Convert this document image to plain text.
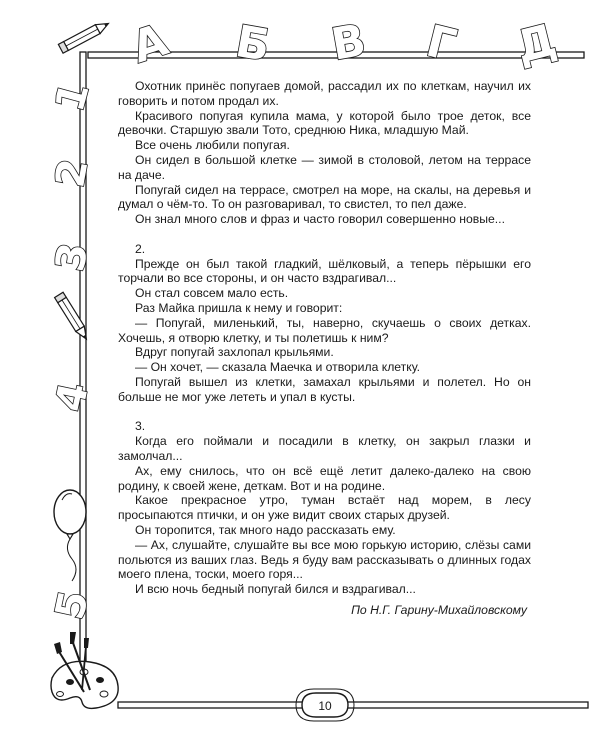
А Б В Г Д
1
2
3
4
5

Охотник принёс попугаев домой, рассадил их по клеткам, научил их говорить и потом продал их.

Красивого попугая купила мама, у которой было трое деток, все девочки. Старшую звали Тото, среднюю Ника, младшую Май.

Все очень любили попугая.

Он сидел в большой клетке — зимой в столовой, летом на террасе на даче.

Попугай сидел на террасе, смотрел на море, на скалы, на деревья и думал о чём-то. То он разговаривал, то свистел, то пел даже.

Он знал много слов и фраз и часто говорил совершенно новые...

2.

Прежде он был такой гладкий, шёлковый, а теперь пёрышки его торчали во все стороны, и он часто вздрагивал...

Он стал совсем мало есть.

Раз Майка пришла к нему и говорит:

— Попугай, миленький, ты, наверно, скучаешь о своих детках. Хочешь, я отворю клетку, и ты полетишь к ним?

Вдруг попугай захлопал крыльями.

— Он хочет, — сказала Маечка и отворила клетку.

Попугай вышел из клетки, замахал крыльями и полетел. Но он больше не мог уже лететь и упал в кусты.

3.

Когда его поймали и посадили в клетку, он закрыл глазки и замолчал...

Ах, ему снилось, что он всё ещё летит далеко-далеко на свою родину, к своей жене, деткам. Вот и на родине.

Какое прекрасное утро, туман встаёт над морем, в лесу просыпаются птички, и он уже видит своих старых друзей.

Он торопится, так много надо рассказать ему.

— Ах, слушайте, слушайте вы все мою горькую историю, слёзы сами польются из ваших глаз. Ведь я буду вам рассказывать о длинных годах моего плена, тоски, моего горя...

И всю ночь бедный попугай бился и вздрагивал...

По Н.Г. Гарину-Михайловскому
10
